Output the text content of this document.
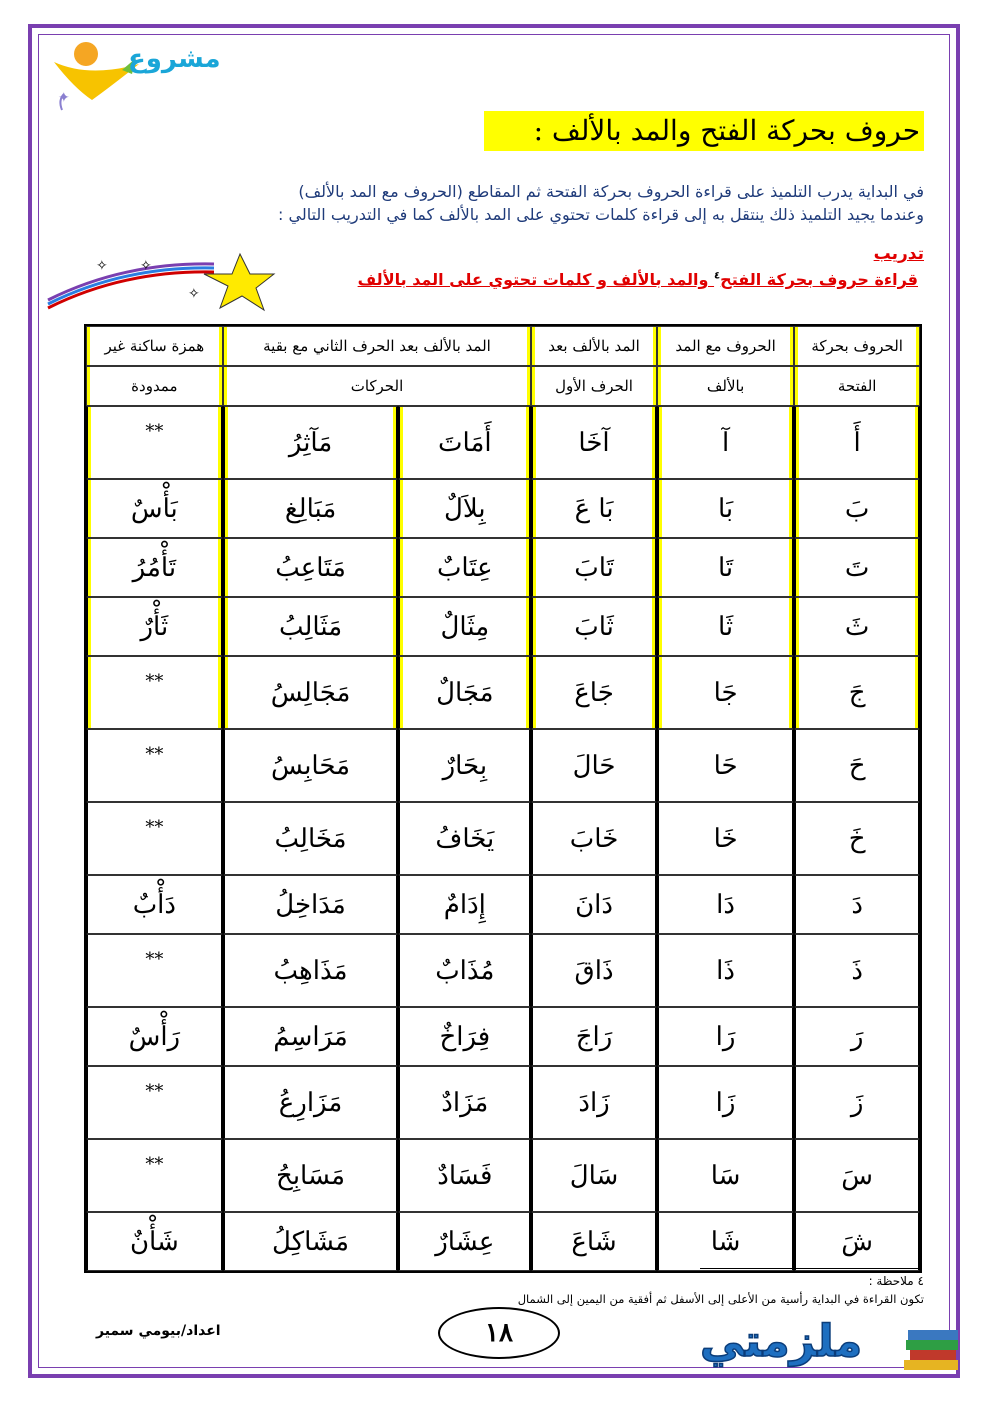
✦
مشروع
حروف بحركة الفتح والمد بالألف :
في البداية يدرب التلميذ على قراءة الحروف بحركة الفتحة ثم المقاطع (الحروف مع المد بالألف)
وعندما يجيد التلميذ ذلك ينتقل به إلى قراءة كلمات تحتوي على المد بالألف كما في التدريب التالي :
تدريب
قراءة حروف بحركة الفتح$^٤$ والمد بالألف و كلمات تحتوي على المد بالألف
✧ ✧
✧
الحروف بحركة	الحروف مع المد	المد بالألف بعد	المد بالألف بعد الحرف الثاني مع بقية		همزة ساكنة غير
الفتحة	بالألف	الحرف الأول	الحركات		ممدودة
أَ	آ	آخَا	أَمَاتَ	مَآثِرُ	**
بَ	بَا	بَا عَ	بِلاَلٌ	مَبَالِغ	بَأْسٌ
تَ	تَا	تَابَ	عِتَابٌ	مَتَاعِبُ	تَأْمُرُ
ثَ	ثَا	ثَابَ	مِثَالٌ	مَثَالِبُ	ثَأْرٌ
جَ	جَا	جَاعَ	مَجَالٌ	مَجَالِسُ	**
حَ	حَا	حَالَ	بِحَارٌ	مَحَابِسُ	**
خَ	خَا	خَابَ	يَخَافُ	مَخَالِبُ	**
دَ	دَا	دَانَ	إِدَامٌ	مَدَاخِلُ	دَأْبٌ
ذَ	ذَا	ذَاقَ	مُذَابٌ	مَذَاهِبُ	**
رَ	رَا	رَاجَ	فِرَاخٌ	مَرَاسِمُ	رَأْسٌ
زَ	زَا	زَادَ	مَزَادٌ	مَزَارِعُ	**
سَ	سَا	سَالَ	فَسَادٌ	مَسَابِحُ	**
شَ	شَا	شَاعَ	عِشَارٌ	مَشَاكِلُ	شَأْنٌ
٤ ملاحظة :
تكون القراءة في البداية رأسية من الأعلى إلى الأسفل ثم أفقية من اليمين إلى الشمال
١٨
اعداد/بيومي سمير	ملزمتي
